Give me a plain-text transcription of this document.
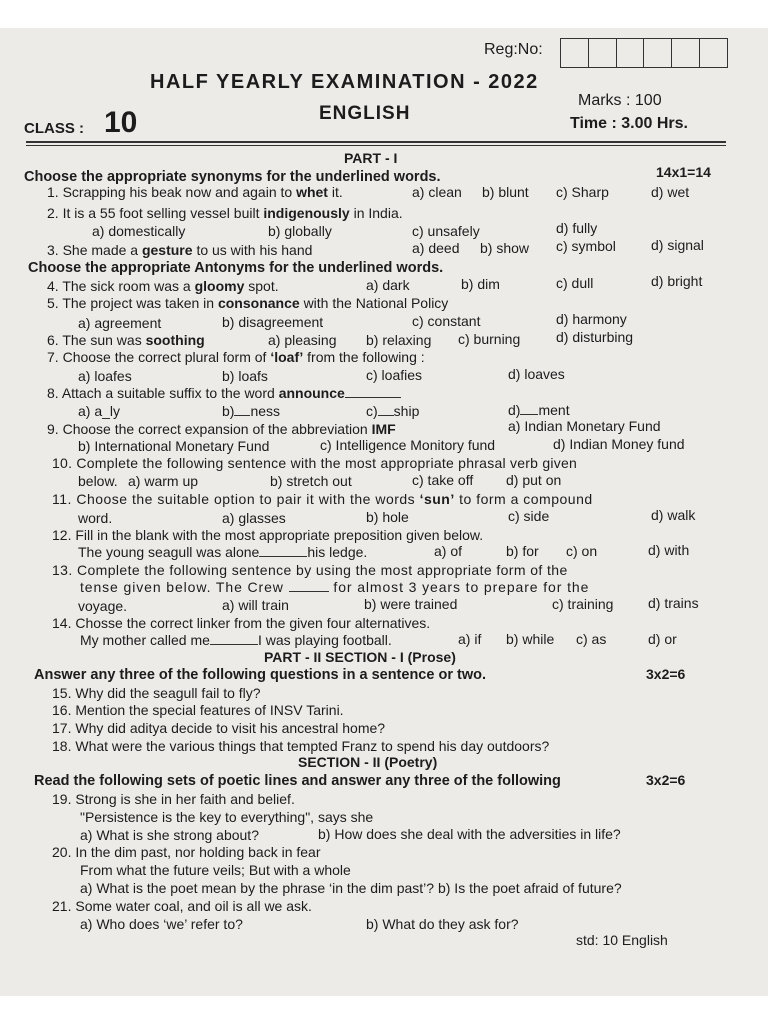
Reg:No:
HALF YEARLY EXAMINATION - 2022
Marks : 100
ENGLISH
CLASS : 10	Time : 3.00 Hrs.
PART - I
Choose the appropriate synonyms for the underlined words.	14x1=14
1. Scrapping his beak now and again to whet it.	a) clean b) blunt c) Sharp	d) wet
2. It is a 55 foot selling vessel built indigenously in India.
a) domestically	b) globally	c) unsafely	d) fully
3. She made a gesture to us with his hand	a) deed b) show c) symbol	d) signal
Choose the appropriate Antonyms for the underlined words.
4. The sick room was a gloomy spot.	a) dark	b) dim	c) dull	d) bright
5. The project was taken in consonance with the National Policy
a) agreement	b) disagreement	c) constant	d) harmony
6. The sun was soothing	a) pleasing b) relaxing c) burning	d) disturbing
7. Choose the correct plural form of ‘loaf’ from the following :
a) loafes	b) loafs	c) loafies	d) loaves
8. Attach a suitable suffix to the word announce
a) a_ly	b) ness	c) ship	d) ment
9. Choose the correct expansion of the abbreviation IMF	a) Indian Monetary Fund
b) International Monetary Fund	c) Intelligence Monitory fund	d) Indian Money fund
10. Complete the following sentence with the most appropriate phrasal verb given
below. a) warm up	b) stretch out	c) take off d) put on
11. Choose the suitable option to pair it with the words ‘sun’ to form a compound
word.	a) glasses	b) hole	c) side	d) walk
12. Fill in the blank with the most appropriate preposition given below.
The young seagull was alone	his ledge.	a) of	b) for c) on	d) with
13. Complete the following sentence by using the most appropriate form of the
tense given below. The Crew	for almost 3 years to prepare for the
voyage.	a) will train	b) were trained	c) training d) trains
14. Chosse the correct linker from the given four alternatives.
My mother called me	I was playing football.	a) if b) while c) as	d) or
PART - II SECTION - I (Prose)
Answer any three of the following questions in a sentence or two.	3x2=6
15. Why did the seagull fail to fly?
16. Mention the special features of INSV Tarini.
17. Why did aditya decide to visit his ancestral home?
18. What were the various things that tempted Franz to spend his day outdoors?
SECTION - II (Poetry)
Read the following sets of poetic lines and answer any three of the following	3x2=6
19. Strong is she in her faith and belief.
"Persistence is the key to everything", says she
a) What is she strong about?	b) How does she deal with the adversities in life?
20. In the dim past, nor holding back in fear
From what the future veils; But with a whole
a) What is the poet mean by the phrase ‘in the dim past’? b) Is the poet afraid of future?
21. Some water coal, and oil is all we ask.
a) Who does ‘we’ refer to?	b) What do they ask for?
std: 10 English
